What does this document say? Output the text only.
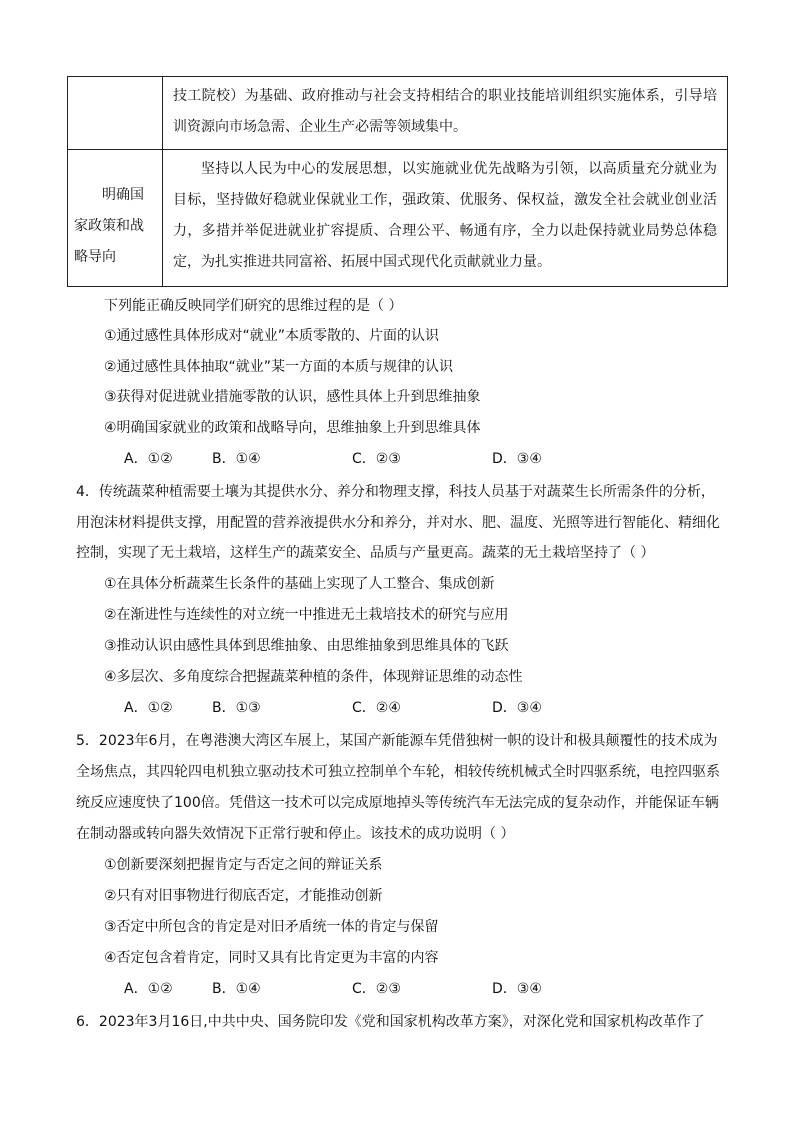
	技工院校）为基础、政府推动与社会支持相结合的职业技能培训组织实施体系，引导培训资源向市场急需、企业生产必需等领域集中。

明确国家政策和战略导向	坚持以人民为中心的发展思想，以实施就业优先战略为引领，以高质量充分就业为目标，坚持做好稳就业保就业工作，强政策、优服务、保权益，激发全社会就业创业活力，多措并举促进就业扩容提质、合理公平、畅通有序，全力以赴保持就业局势总体稳定，为扎实推进共同富裕、拓展中国式现代化贡献就业力量。
下列能正确反映同学们研究的思维过程的是（ ）
①通过感性具体形成对“就业”本质零散的、片面的认识
②通过感性具体抽取“就业”某一方面的本质与规律的认识
③获得对促进就业措施零散的认识，感性具体上升到思维抽象
④明确国家就业的政策和战略导向，思维抽象上升到思维具体
A．①②	B．①④	C．②③	D．③④
4．传统蔬菜种植需要土壤为其提供水分、养分和物理支撑，科技人员基于对蔬菜生长所需条件的分析，
用泡沫材料提供支撑，用配置的营养液提供水分和养分，并对水、肥、温度、光照等进行智能化、精细化
控制，实现了无土栽培，这样生产的蔬菜安全、品质与产量更高。蔬菜的无土栽培坚持了（ ）
①在具体分析蔬菜生长条件的基础上实现了人工整合、集成创新
②在渐进性与连续性的对立统一中推进无土栽培技术的研究与应用
③推动认识由感性具体到思维抽象、由思维抽象到思维具体的飞跃
④多层次、多角度综合把握蔬菜种植的条件，体现辩证思维的动态性
A．①②	B．①③	C．②④	D．③④
5．2023年6月，在粤港澳大湾区车展上，某国产新能源车凭借独树一帜的设计和极具颠覆性的技术成为
全场焦点，其四轮四电机独立驱动技术可独立控制单个车轮，相较传统机械式全时四驱系统，电控四驱系
统反应速度快了100倍。凭借这一技术可以完成原地掉头等传统汽车无法完成的复杂动作，并能保证车辆
在制动器或转向器失效情况下正常行驶和停止。该技术的成功说明（ ）
①创新要深刻把握肯定与否定之间的辩证关系
②只有对旧事物进行彻底否定，才能推动创新
③否定中所包含的肯定是对旧矛盾统一体的肯定与保留
④否定包含着肯定，同时又具有比肯定更为丰富的内容
A．①②	B．①④	C．②③	D．③④
6．2023年3月16日,中共中央、国务院印发《党和国家机构改革方案》，对深化党和国家机构改革作了
